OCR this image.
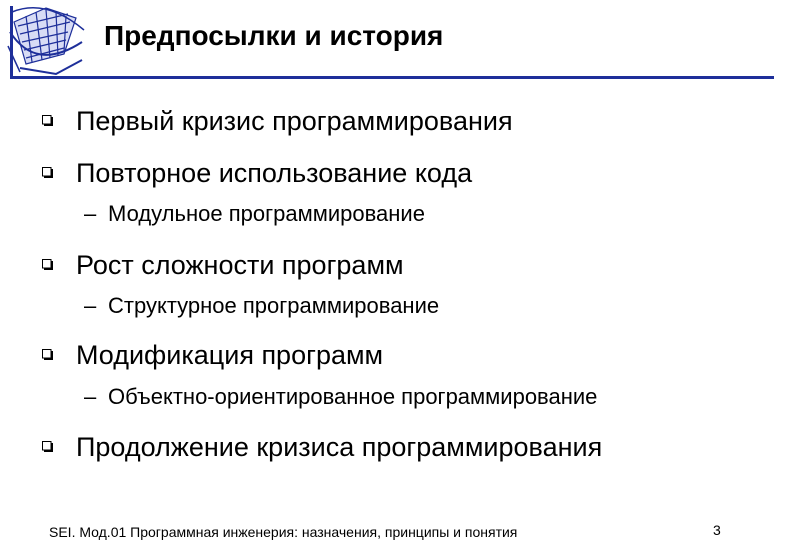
Предпосылки и история
Первый кризис программирования
Повторное использование кода
– Модульное программирование
Рост сложности программ
– Структурное программирование
Модификация программ
– Объектно-ориентированное программирование
Продолжение кризиса программирования
SEI. Мод.01 Программная инженерия: назначения, принципы и понятия	3
